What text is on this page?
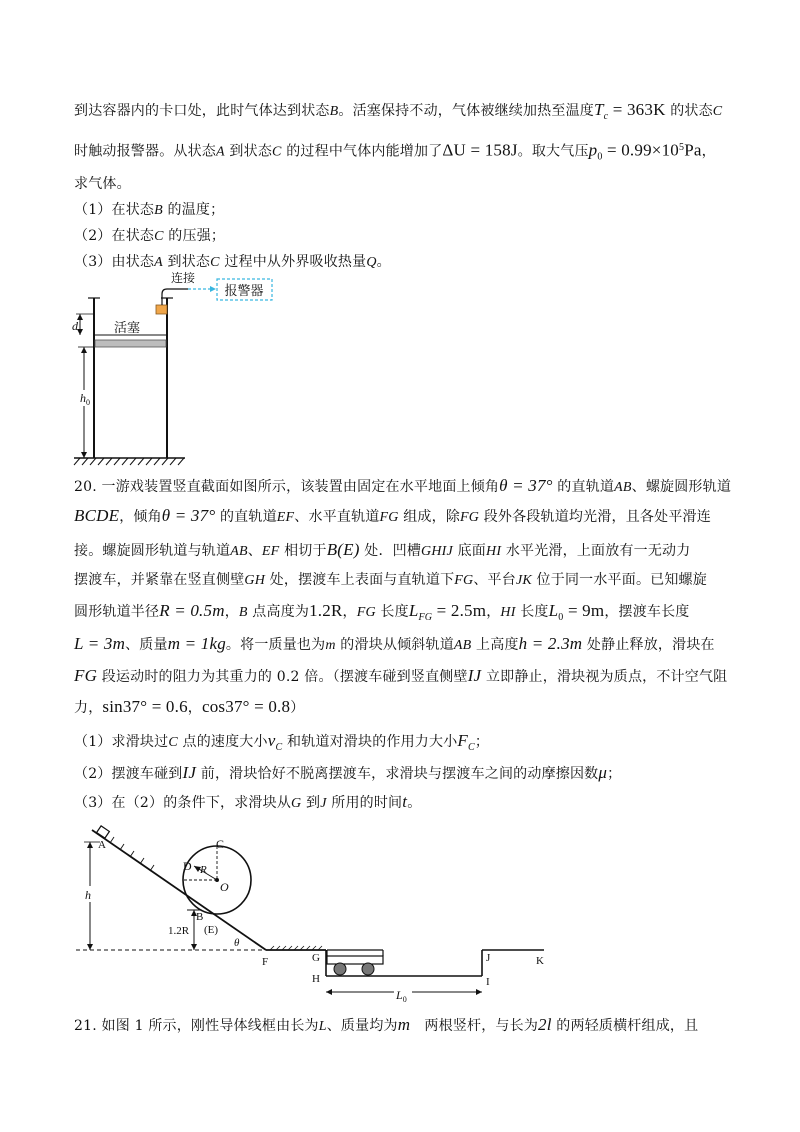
到达容器内的卡口处，此时气体达到状态B。活塞保持不动，气体被继续加热至温度$T_c = 363K$ 的状态C
时触动报警器。从状态A 到状态C 的过程中气体内能增加了ΔU = 158J。取大气压$p_0 = 0.99\times 10^5Pa$，
求气体。
（1）在状态B 的温度；
（2）在状态C 的压强；
（3）由状态A 到状态C 过程中从外界吸收热量Q。
报警器
连接
d	活塞
$h_0$
20. 一游戏装置竖直截面如图所示，该装置由固定在水平地面上倾角θ = 37° 的直轨道AB、螺旋圆形轨道
BCDE，倾角θ = 37° 的直轨道EF、水平直轨道FG 组成，除FG 段外各段轨道均光滑，且各处平滑连
接。螺旋圆形轨道与轨道AB、EF 相切于B(E) 处．凹槽GHIJ 底面HI 水平光滑，上面放有一无动力
摆渡车，并紧靠在竖直侧壁GH 处，摆渡车上表面与直轨道下FG、平台JK 位于同一水平面。已知螺旋
圆形轨道半径R = 0.5m，B 点高度为1.2R，FG 长度$L_{FG} = 2.5m$，HI 长度$L_0 = 9m$，摆渡车长度
L = 3m、质量m = 1kg。将一质量也为m 的滑块从倾斜轨道AB 上高度h = 2.3m 处静止释放，滑块在
FG 段运动时的阻力为其重力的 0.2 倍。（摆渡车碰到竖直侧壁IJ 立即静止，滑块视为质点，不计空气阻
力，sin37° = 0.6，cos37° = 0.8）
（1）求滑块过C 点的速度大小$v_C$ 和轨道对滑块的作用力大小$F_C$；
（2）摆渡车碰到IJ 前，滑块恰好不脱离摆渡车，求滑块与摆渡车之间的动摩擦因数μ；
（3）在（2）的条件下，求滑块从G 到J 所用的时间t。
A	C
D R
O
B
(E)
1.2R
h
θ
F	G
H	I
J	K
$L_0$
21. 如图 1 所示，刚性导体线框由长为L、质量均为m　两根竖杆，与长为2l 的两轻质横杆组成，且
